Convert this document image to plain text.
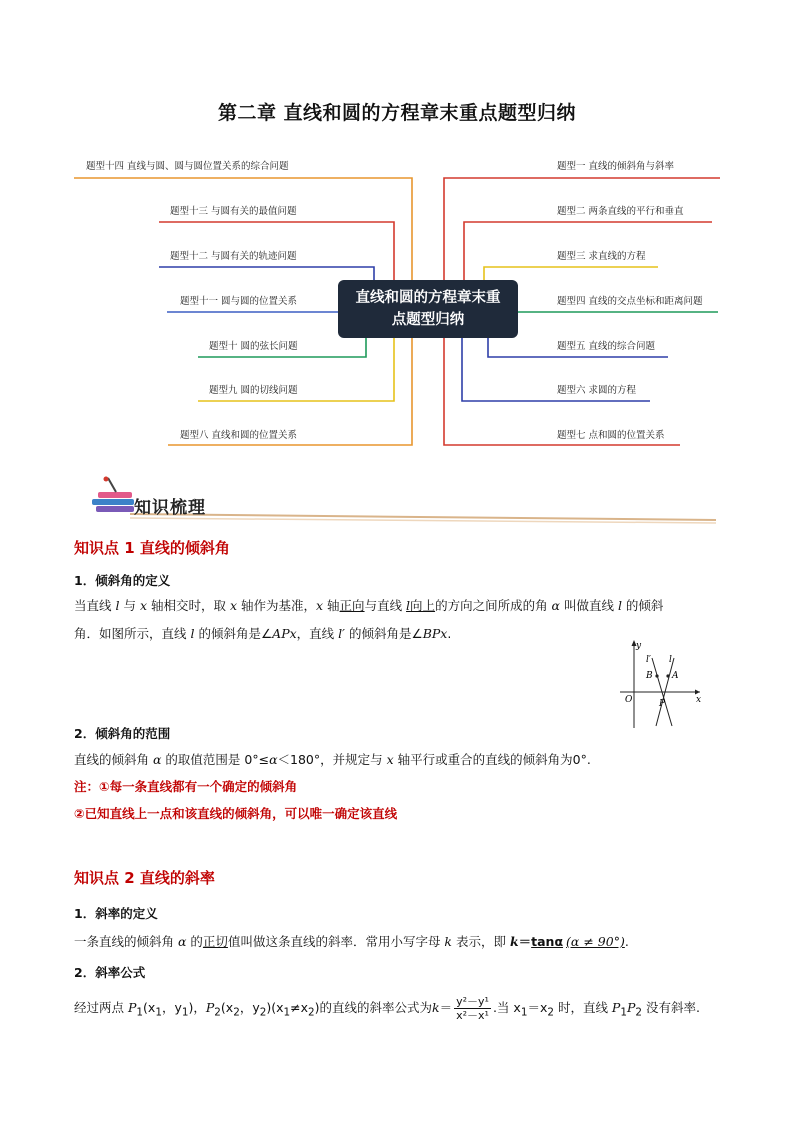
第二章 直线和圆的方程章末重点题型归纳
题型十四 直线与圆、圆与圆位置关系的综合问题
题型十三 与圆有关的最值问题
题型十二 与圆有关的轨迹问题
题型十一 圆与圆的位置关系
题型十 圆的弦长问题
题型九 圆的切线问题
题型八 直线和圆的位置关系
题型一 直线的倾斜角与斜率
题型二 两条直线的平行和垂直
题型三 求直线的方程
题型四 直线的交点坐标和距离问题
题型五 直线的综合问题
题型六 求圆的方程
题型七 点和圆的位置关系
直线和圆的方程章末重
点题型归纳
知识梳理
知识点 1 直线的倾斜角
1．倾斜角的定义
当直线 l 与 x 轴相交时，取 x 轴作为基准，x 轴正向与直线 l向上的方向之间所成的角 α 叫做直线 l 的倾斜
角．如图所示，直线 l 的倾斜角是∠APx，直线 l′ 的倾斜角是∠BPx.
y
x
O	P
A
B
l
l′
2．倾斜角的范围
直线的倾斜角 α 的取值范围是 0°≤α＜180°，并规定与 x 轴平行或重合的直线的倾斜角为0°.
注：①每一条直线都有一个确定的倾斜角
②已知直线上一点和该直线的倾斜角，可以唯一确定该直线
知识点 2 直线的斜率
1．斜率的定义
一条直线的倾斜角 α 的正切值叫做这条直线的斜率．常用小写字母 k 表示，即 k＝tanα (α ≠ 90°).
2．斜率公式
经过两点 $P_1(x_1$，$y_1$)，$P_2(x_2$，$y_2)(x_1\ne x_2)$的直线的斜率公式为$k= \frac{\text{y²－y¹}}{\text{x²－x¹}}$ .当 $x_1=x_2$ 时，直线 $P_1P_2$ 没有斜率.
